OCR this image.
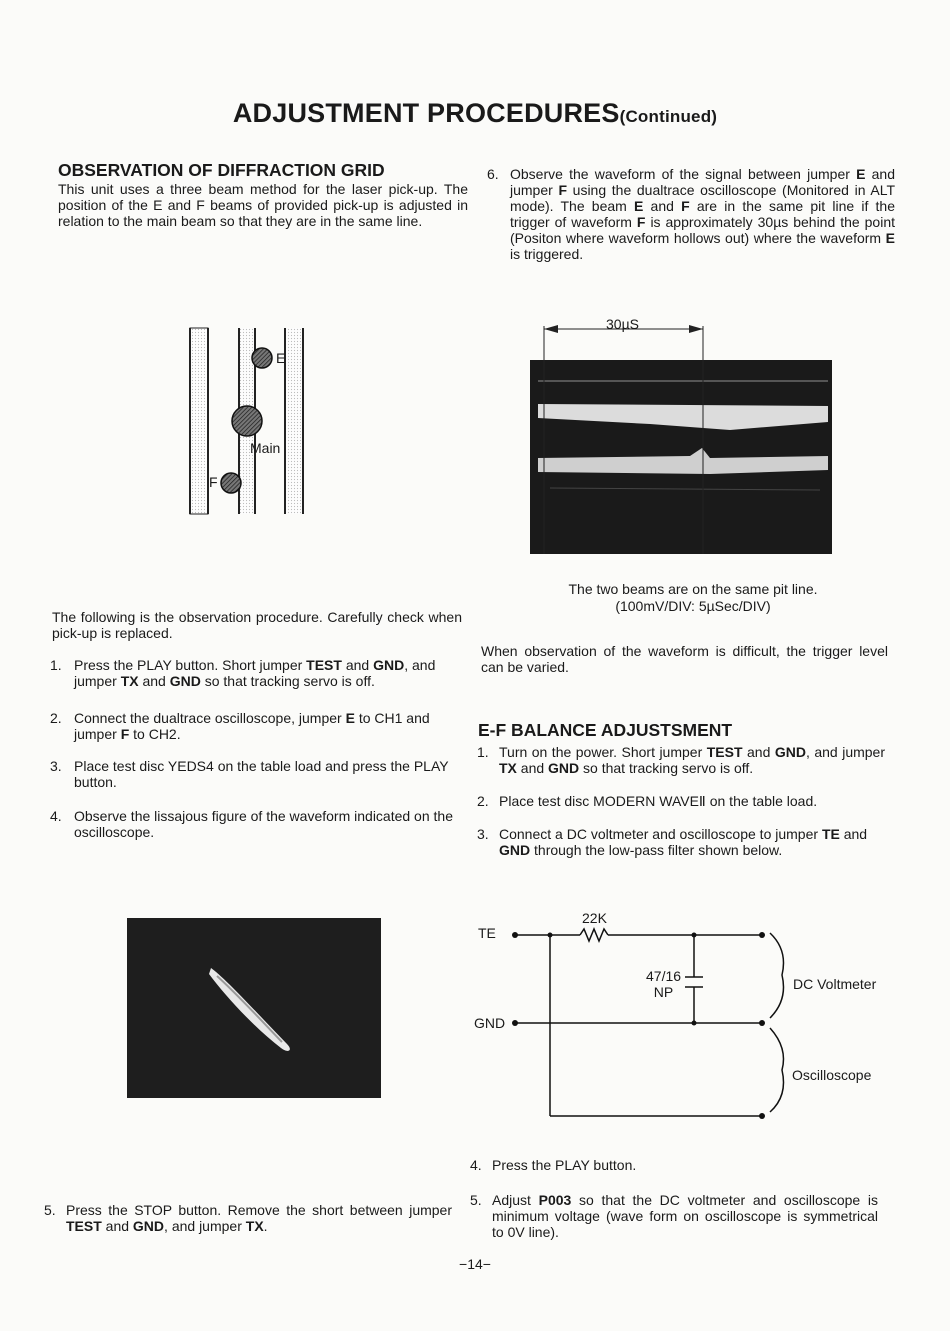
ADJUSTMENT PROCEDURES(Continued)
OBSERVATION OF DIFFRACTION GRID

This unit uses a three beam method for the laser pick-up. The position of the E and F beams of provided pick-up is adjusted in relation to the main beam so that they are in the same line.

E
Main
F

The following is the observation procedure. Carefully check when pick-up is replaced.

1. Press the PLAY button. Short jumper TEST and GND, and jumper TX and GND so that tracking servo is off.
2. Connect the dualtrace oscilloscope, jumper E to CH1 and jumper F to CH2.
3. Place test disc YEDS4 on the table load and press the PLAY button.
4. Observe the lissajous figure of the waveform indicated on the oscilloscope.
5. Press the STOP button. Remove the short between jumper TEST and GND, and jumper TX.
6. Observe the waveform of the signal between jumper E and jumper F using the dualtrace oscilloscope (Monitored in ALT mode). The beam E and F are in the same pit line if the trigger of waveform F is approximately 30µs behind the point (Positon where waveform hollows out) where the waveform E is triggered.
30µS
The two beams are on the same pit line.
(100mV/DIV: 5µSec/DIV)

When observation of the waveform is difficult, the trigger level can be varied.

E-F BALANCE ADJUSTSMENT
1. Turn on the power. Short jumper TEST and GND, and jumper TX and GND so that tracking servo is off.
2. Place test disc MODERN WAVEⅡ on the table load.
3. Connect a DC voltmeter and oscilloscope to jumper TE and GND through the low-pass filter shown below.
TE
GND
22K
47/16
NP	DC Voltmeter
Oscilloscope
4. Press the PLAY button.
5. Adjust P003 so that the DC voltmeter and oscilloscope is minimum voltage (wave form on oscilloscope is symmetrical to 0V line).
−14−
